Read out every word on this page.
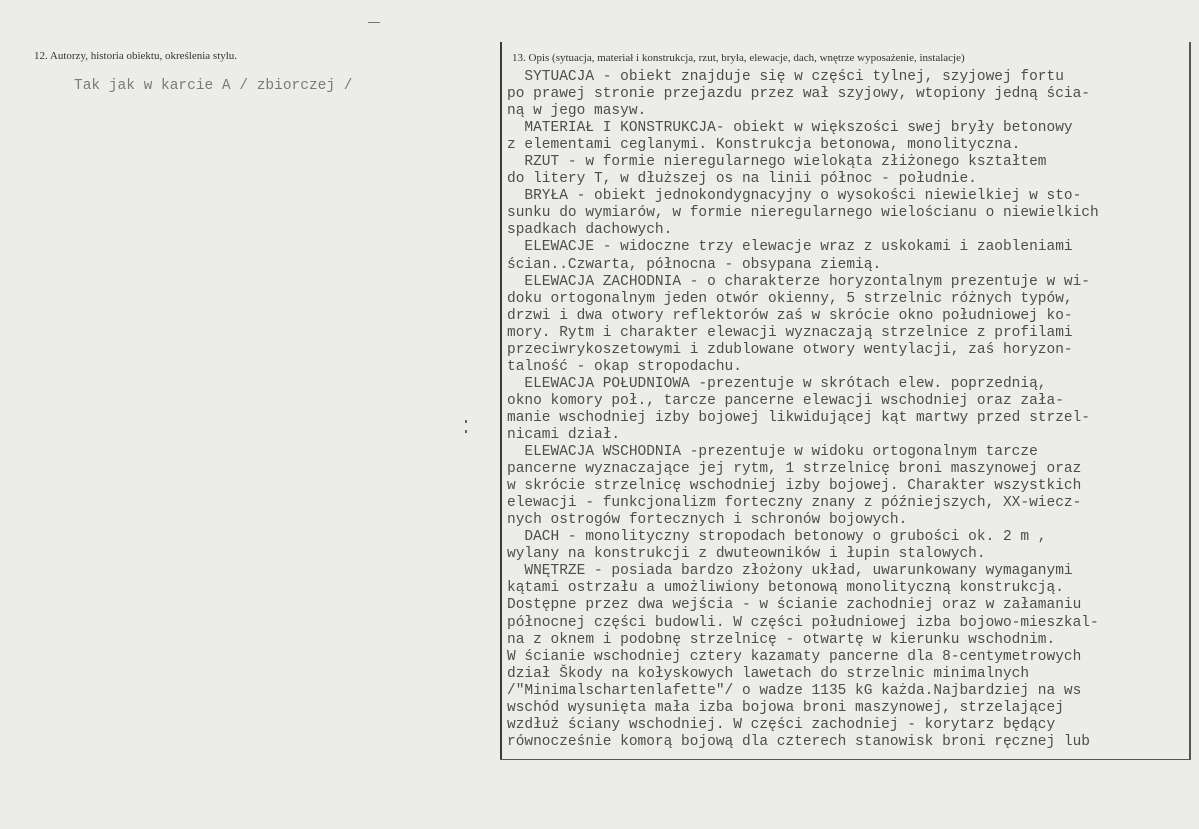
12. Autorzy, historia obiektu, określenia stylu.
Tak jak w karcie A / zbiorczej /
13. Opis (sytuacja, materiał i konstrukcja, rzut, bryła, elewacje, dach, wnętrze wyposażenie, instalacje)
SYTUACJA - obiekt znajduje się w części tylnej, szyjowej fortu
po prawej stronie przejazdu przez wał szyjowy, wtopiony jedną ścia-
ną w jego masyw.
MATERIAŁ I KONSTRUKCJA- obiekt w większości swej bryły betonowy
z elementami ceglanymi. Konstrukcja betonowa, monolityczna.
RZUT - w formie nieregularnego wielokąta złiżonego kształtem
do litery T, w dłuższej os na linii północ - południe.
BRYŁA - obiekt jednokondygnacyjny o wysokości niewielkiej w sto-
sunku do wymiarów, w formie nieregularnego wielościanu o niewielkich
spadkach dachowych.
ELEWACJE - widoczne trzy elewacje wraz z uskokami i zaobleniami
ścian..Czwarta, północna - obsypana ziemią.
ELEWACJA ZACHODNIA - o charakterze horyzontalnym prezentuje w wi-
doku ortogonalnym jeden otwór okienny, 5 strzelnic różnych typów,
drzwi i dwa otwory reflektorów zaś w skrócie okno południowej ko-
mory. Rytm i charakter elewacji wyznaczają strzelnice z profilami
przeciwrykoszetowymi i zdublowane otwory wentylacji, zaś horyzon-
talność - okap stropodachu.
ELEWACJA POŁUDNIOWA -prezentuje w skrótach elew. poprzednią,
okno komory poł., tarcze pancerne elewacji wschodniej oraz zała-
manie wschodniej izby bojowej likwidującej kąt martwy przed strzel-
nicami dział.
ELEWACJA WSCHODNIA -prezentuje w widoku ortogonalnym tarcze
pancerne wyznaczające jej rytm, 1 strzelnicę broni maszynowej oraz
w skrócie strzelnicę wschodniej izby bojowej. Charakter wszystkich
elewacji - funkcjonalizm forteczny znany z późniejszych, XX-wiecz-
nych ostrogów fortecznych i schronów bojowych.
DACH - monolityczny stropodach betonowy o grubości ok. 2 m ,
wylany na konstrukcji z dwuteowników i łupin stalowych.
WNĘTRZE - posiada bardzo złożony układ, uwarunkowany wymaganymi
kątami ostrzału a umożliwiony betonową monolityczną konstrukcją.
Dostępne przez dwa wejścia - w ścianie zachodniej oraz w załamaniu
północnej części budowli. W części południowej izba bojowo-mieszkal-
na z oknem i podobnę strzelnicę - otwartę w kierunku wschodnim.
W ścianie wschodniej cztery kazamaty pancerne dla 8-centymetrowych
dział Škody na kołyskowych lawetach do strzelnic minimalnych
/"Minimalschartenlafette"/ o wadze 1135 kG każda.Najbardziej na ws
wschód wysunięta mała izba bojowa broni maszynowej, strzelającej
wzdłuż ściany wschodniej. W części zachodniej - korytarz będący
równocześnie komorą bojową dla czterech stanowisk broni ręcznej lub
